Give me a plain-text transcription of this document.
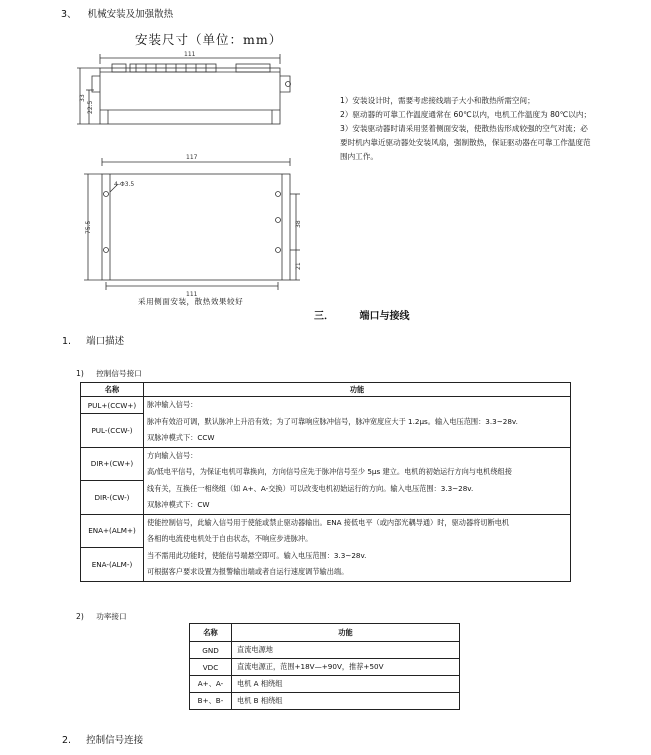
3、 机械安装及加强散热
安装尺寸（单位：mm）
111
33
22.5
117
4-Φ3.5
75.5	38
21
111
采用侧面安装，散热效果较好
1）安装设计时，需要考虑接线端子大小和散热所需空间；
2）驱动器的可靠工作温度通常在 60℃以内，电机工作温度为 80℃以内；
3）安装驱动器时请采用竖着侧面安装，使散热齿形成较强的空气对流；必
要时机内靠近驱动器处安装风扇，强制散热，保证驱动器在可靠工作温度范
围内工作。
三．	端口与接线
1. 端口描述
1) 控制信号接口
名称	功能
PUL+(CCW+)	脉冲输入信号：
脉冲有效沿可调，默认脉冲上升沿有效；为了可靠响应脉冲信号，脉冲宽度应大于 1.2μs。输入电压范围：3.3~28v.
双脉冲模式下：CCW

PUL-(CCW-)	
DIR+(CW+)	方向输入信号：
高/低电平信号，为保证电机可靠换向，方向信号应先于脉冲信号至少 5μs 建立。电机的初始运行方向与电机绕组接
线有关，互换任一相绕组（如 A+、A-交换）可以改变电机初始运行的方向。输入电压范围：3.3~28v.
双脉冲模式下：CW

DIR-(CW-)	
ENA+(ALM+)	使能控制信号，此输入信号用于使能或禁止驱动器输出。ENA 接低电平（或内部光耦导通）时，驱动器将切断电机
各相的电流使电机处于自由状态，不响应步进脉冲。
当不需用此功能时，使能信号端悬空即可。输入电压范围：3.3~28v.
可根据客户要求设置为报警输出端或者自运行速度调节输出端。

ENA-(ALM-)	
2) 功率接口
名称	功能
GND	直流电源地
VDC	直流电源正，范围+18V—+90V，推荐+50V
A+、A-	电机 A 相绕组
B+、B-	电机 B 相绕组
2. 控制信号连接
